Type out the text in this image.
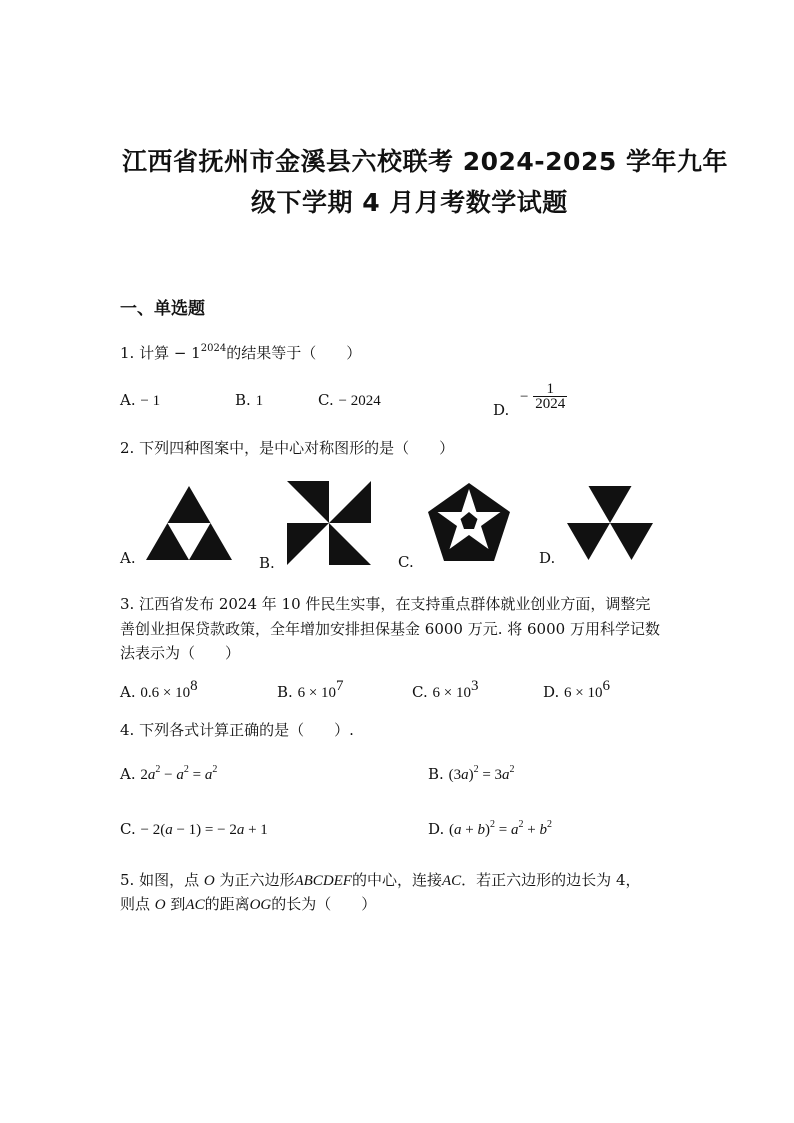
江西省抚州市金溪县六校联考 2024-2025 学年九年
级下学期 4 月月考数学试题
一、单选题
1. 计算 − $1^{2024}$的结果等于（　　）
A. − 1	B. 1	C. − 2024	D. − $\frac{1}{2024}$
2. 下列四种图案中，是中心对称图形的是（　　）
A.	B.	C.	D.
3. 江西省发布 2024 年 10 件民生实事，在支持重点群体就业创业方面，调整完
善创业担保贷款政策，全年增加安排担保基金 6000 万元. 将 6000 万用科学记数
法表示为（　　）
A. $0.6 \times 10^8$	B. $6 \times 10^7$	C. $6 \times 10^3$	D. $6 \times 10^6$
4. 下列各式计算正确的是（　　）.
A. $2a^2 - a^2 = a^2$	B. $(3a)^2 = 3a^2$
C. − 2(a − 1) = − 2a + 1	D. $(a + b)^2 = a^2 + b^2$
5. 如图，点 O 为正六边形ABCDEF的中心，连接AC．若正六边形的边长为 4，
则点 O 到AC的距离OG的长为（　　）
